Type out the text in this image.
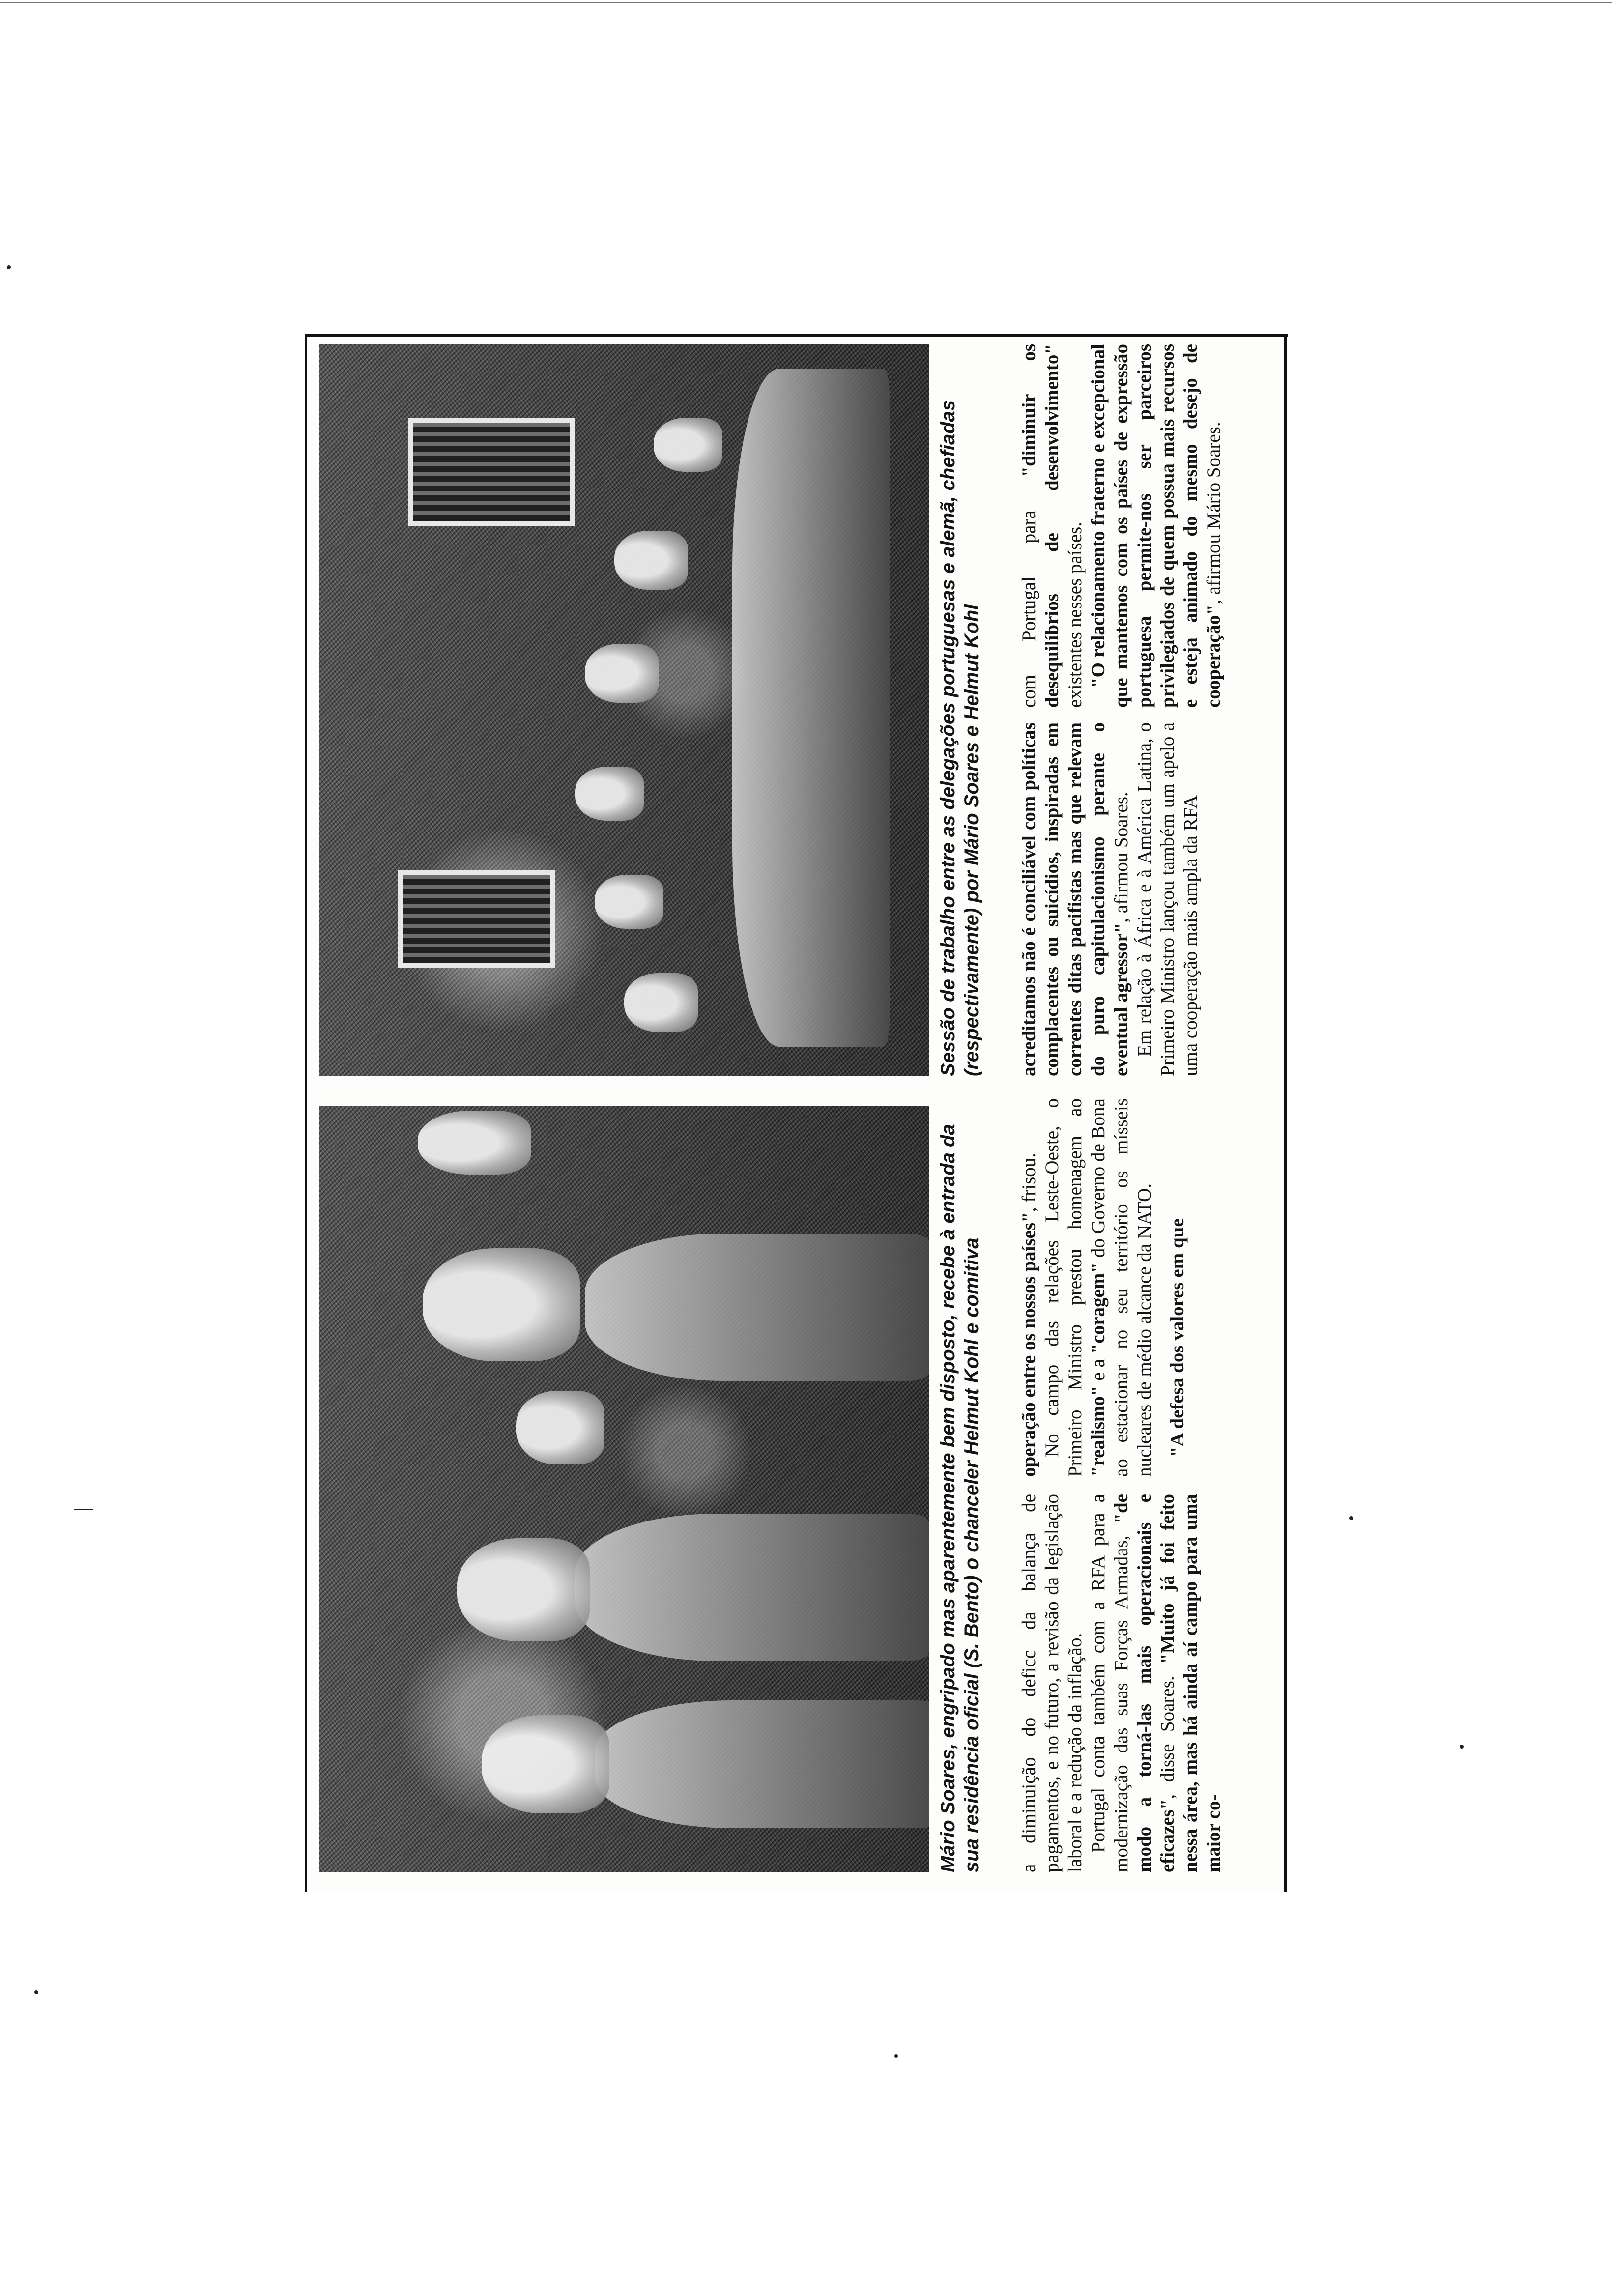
Mário Soares, engripado mas aparentemente bem disposto, recebe à entrada da sua residência oficial (S. Bento) o chanceler Helmut Kohl e comitiva a diminuição do deficc da balança de pagamentos, e no futuro, a revisão da legislação laboral e a redução da inflação. Portugal conta também com a RFA para a modernização das suas Forças Armadas, "de modo a torná-las mais operacionais e eficazes", disse Soares. "Muito já foi feito nessa área, mas há ainda aí campo para uma maior co-

operação entre os nossos países", frisou. No campo das relações Leste-Oeste, o Primeiro Ministro prestou homenagem ao "realismo" e a "coragem" do Governo de Bona ao estacionar no seu território os mísseis nucleares de médio alcance da NATO. "A defesa dos valores em que

Sessão de trabalho entre as delegações portuguesas e alemã, chefiadas (respectivamente) por Mário Soares e Helmut Kohl acreditamos não é conciliável com políticas complacentes ou suicídios, inspiradas em correntes ditas pacifistas mas que relevam do puro capitulacionismo perante o eventual agressor", afirmou Soares. Em relação à África e à América Latina, o Primeiro Ministro lançou também um apelo a uma cooperação mais ampla da RFA

com Portugal para "diminuir os desequilíbrios de desenvolvimento" existentes nesses países. "O relacionamento fraterno e excepcional que mantemos com os países de expressão portuguesa permite-nos ser parceiros privilegiados de quem possua mais recursos e esteja animado do mesmo desejo de cooperação", afirmou Mário Soares.
